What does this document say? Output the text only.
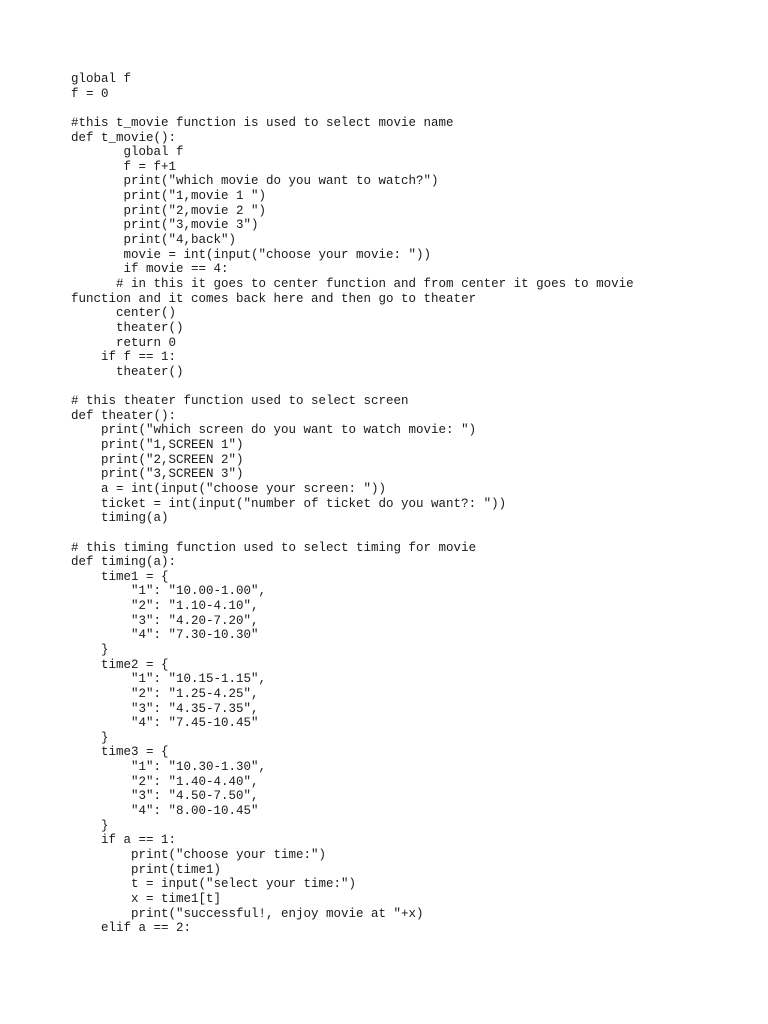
global f
f = 0
#this t_movie function is used to select movie name
def t_movie():
global f
f = f+1
print("which movie do you want to watch?")
print("1,movie 1 ")
print("2,movie 2 ")
print("3,movie 3")
print("4,back")
movie = int(input("choose your movie: "))
if movie == 4:
# in this it goes to center function and from center it goes to movie
function and it comes back here and then go to theater
center()
theater()
return 0
if f == 1:
theater()
# this theater function used to select screen
def theater():
print("which screen do you want to watch movie: ")
print("1,SCREEN 1")
print("2,SCREEN 2")
print("3,SCREEN 3")
a = int(input("choose your screen: "))
ticket = int(input("number of ticket do you want?: "))
timing(a)
# this timing function used to select timing for movie
def timing(a):
time1 = {
"1": "10.00-1.00",
"2": "1.10-4.10",
"3": "4.20-7.20",
"4": "7.30-10.30"
}
time2 = {
"1": "10.15-1.15",
"2": "1.25-4.25",
"3": "4.35-7.35",
"4": "7.45-10.45"
}
time3 = {
"1": "10.30-1.30",
"2": "1.40-4.40",
"3": "4.50-7.50",
"4": "8.00-10.45"
}
if a == 1:
print("choose your time:")
print(time1)
t = input("select your time:")
x = time1[t]
print("successful!, enjoy movie at "+x)
elif a == 2:
